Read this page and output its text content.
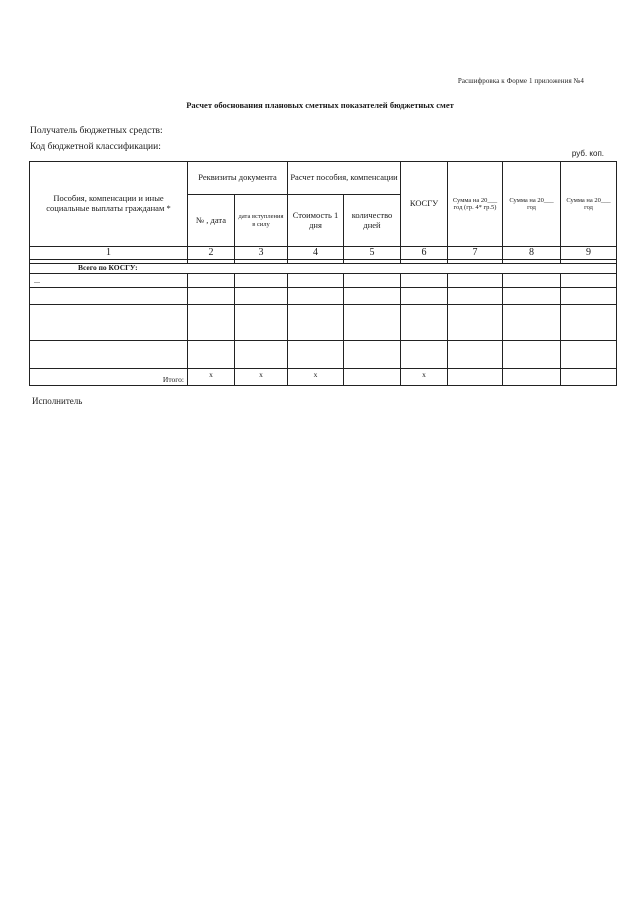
Расшифровка к Форме 1 приложения №4
Расчет обоснования плановых сметных показателей бюджетных смет
Получатель бюджетных средств:
Код бюджетной классификации:
руб. коп.
Пособия, компенсации и иные социальные выплаты гражданам *	Реквизиты документа		Расчет пособия, компенсации		КОСГУ	Сумма на 20___ год (гр. 4* гр.5)	Сумма на 20___ год	Сумма на 20___ год
	№ , дата	дата вступления в силу	Стоимость 1 дня	количество дней				
1	2	3	4	5	6	7	8	9

Всего по КОСГУ:								
...								

Итого:	x	x	x		x			
Исполнитель
